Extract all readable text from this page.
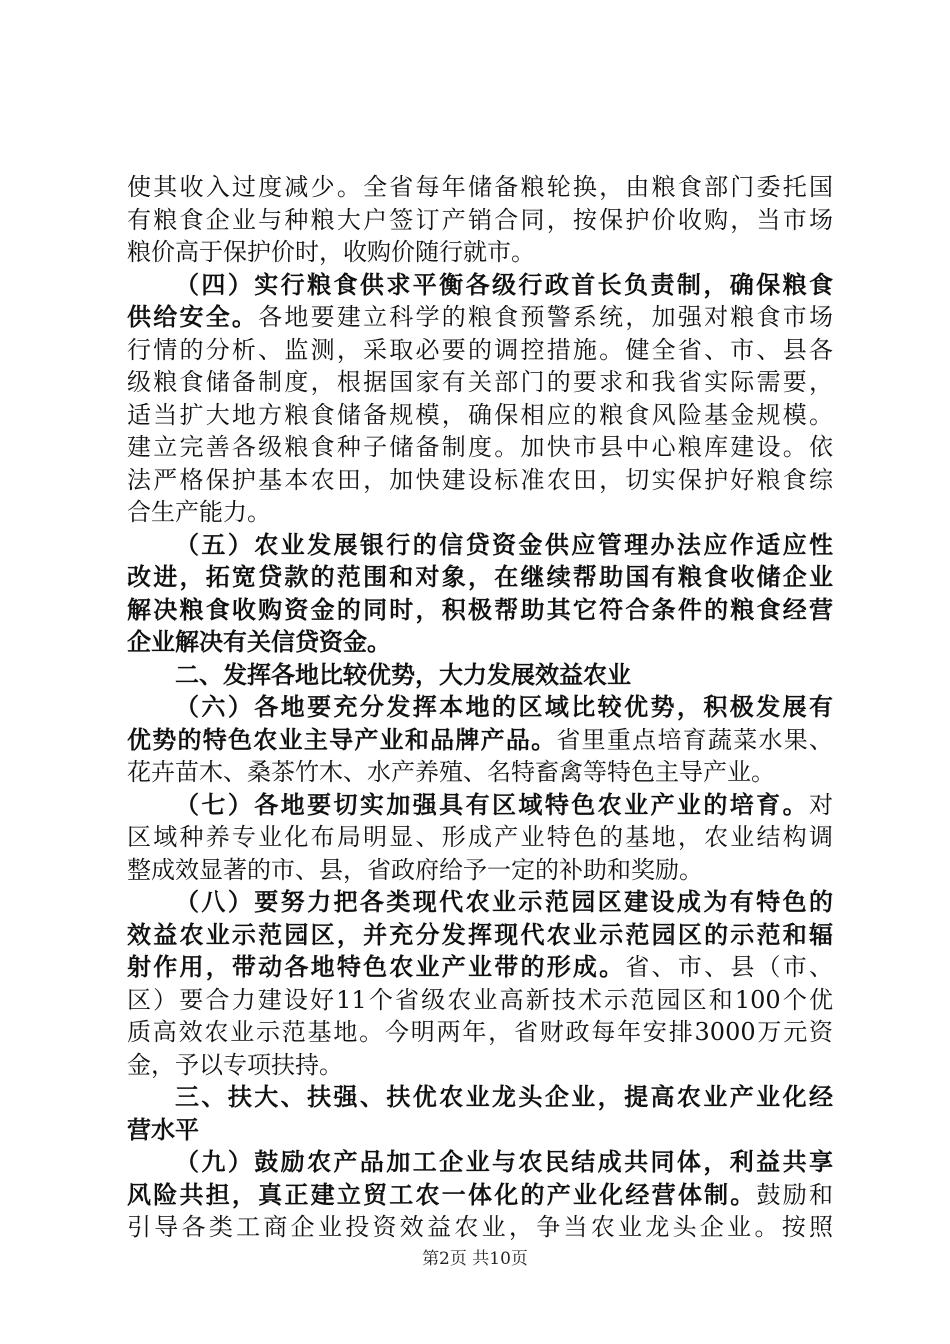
使其收入过度减少。全省每年储备粮轮换，由粮食部门委托国
有粮食企业与种粮大户签订产销合同，按保护价收购，当市场
粮价高于保护价时，收购价随行就市。
（四）实行粮食供求平衡各级行政首长负责制，确保粮食
供给安全。各地要建立科学的粮食预警系统，加强对粮食市场
行情的分析、监测，采取必要的调控措施。健全省、市、县各
级粮食储备制度，根据国家有关部门的要求和我省实际需要，
适当扩大地方粮食储备规模，确保相应的粮食风险基金规模。
建立完善各级粮食种子储备制度。加快市县中心粮库建设。依
法严格保护基本农田，加快建设标准农田，切实保护好粮食综
合生产能力。
（五）农业发展银行的信贷资金供应管理办法应作适应性
改进，拓宽贷款的范围和对象，在继续帮助国有粮食收储企业
解决粮食收购资金的同时，积极帮助其它符合条件的粮食经营
企业解决有关信贷资金。
二、发挥各地比较优势，大力发展效益农业
（六）各地要充分发挥本地的区域比较优势，积极发展有
优势的特色农业主导产业和品牌产品。省里重点培育蔬菜水果、
花卉苗木、桑茶竹木、水产养殖、名特畜禽等特色主导产业。
（七）各地要切实加强具有区域特色农业产业的培育。对
区域种养专业化布局明显、形成产业特色的基地，农业结构调
整成效显著的市、县，省政府给予一定的补助和奖励。
（八）要努力把各类现代农业示范园区建设成为有特色的
效益农业示范园区，并充分发挥现代农业示范园区的示范和辐
射作用，带动各地特色农业产业带的形成。省、市、县（市、
区）要合力建设好11个省级农业高新技术示范园区和100个优
质高效农业示范基地。今明两年，省财政每年安排3000万元资
金，予以专项扶持。
三、扶大、扶强、扶优农业龙头企业，提高农业产业化经
营水平
（九）鼓励农产品加工企业与农民结成共同体，利益共享
风险共担，真正建立贸工农一体化的产业化经营体制。鼓励和
引导各类工商企业投资效益农业，争当农业龙头企业。按照
第2页 共10页
